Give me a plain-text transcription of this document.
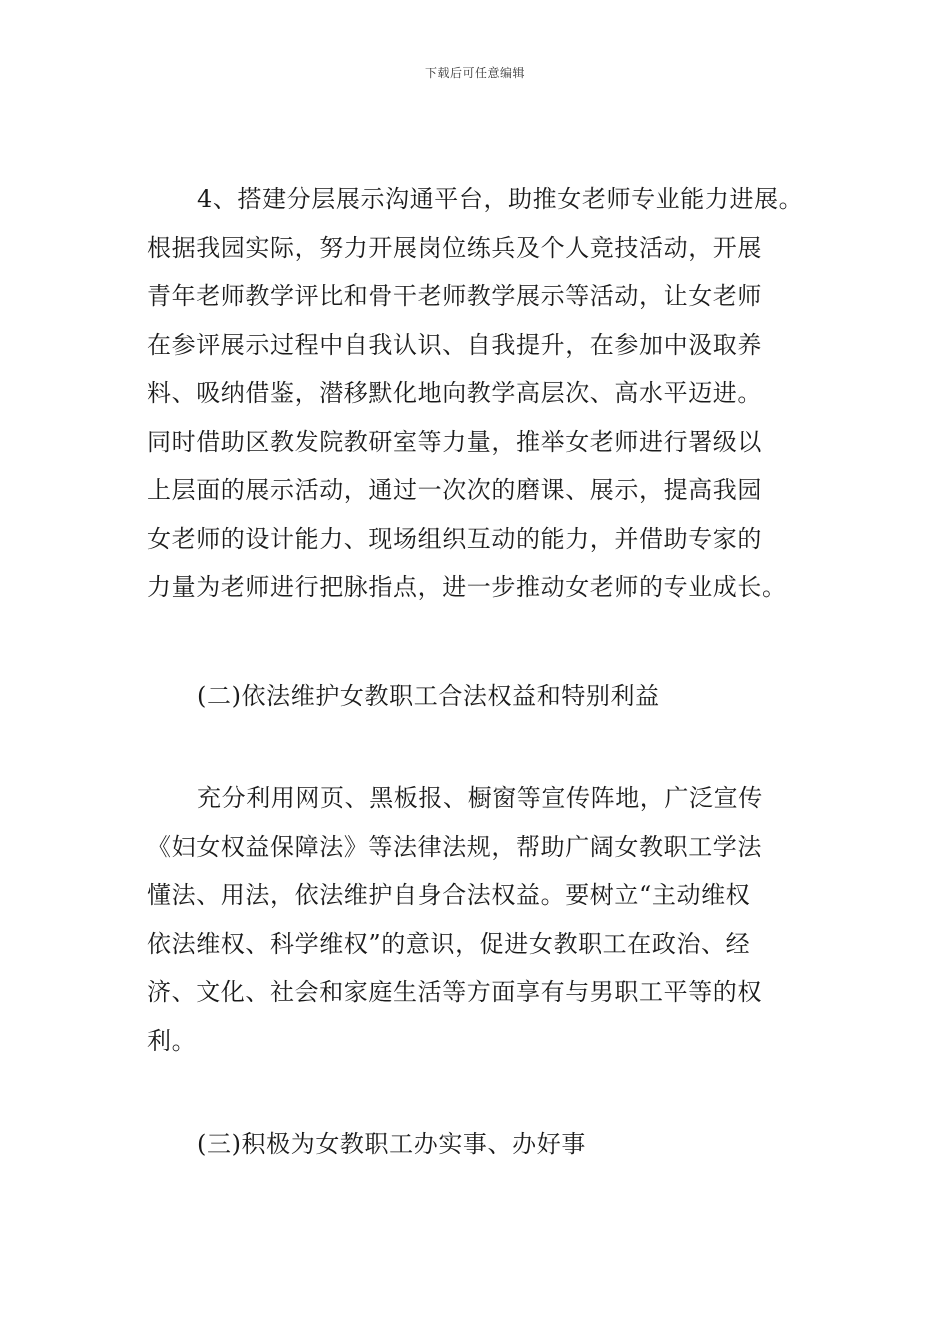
下载后可任意编辑
4、搭建分层展示沟通平台，助推女老师专业能力进展。
根据我园实际，努力开展岗位练兵及个人竞技活动，开展
青年老师教学评比和骨干老师教学展示等活动，让女老师
在参评展示过程中自我认识、自我提升，在参加中汲取养
料、吸纳借鉴，潜移默化地向教学高层次、高水平迈进。
同时借助区教发院教研室等力量，推举女老师进行署级以
上层面的展示活动，通过一次次的磨课、展示，提高我园
女老师的设计能力、现场组织互动的能力，并借助专家的
力量为老师进行把脉指点，进一步推动女老师的专业成长。
(二)依法维护女教职工合法权益和特别利益
充分利用网页、黑板报、橱窗等宣传阵地，广泛宣传
《妇女权益保障法》等法律法规，帮助广阔女教职工学法
懂法、用法，依法维护自身合法权益。要树立“主动维权
依法维权、科学维权”的意识，促进女教职工在政治、经
济、文化、社会和家庭生活等方面享有与男职工平等的权
利。
(三)积极为女教职工办实事、办好事
